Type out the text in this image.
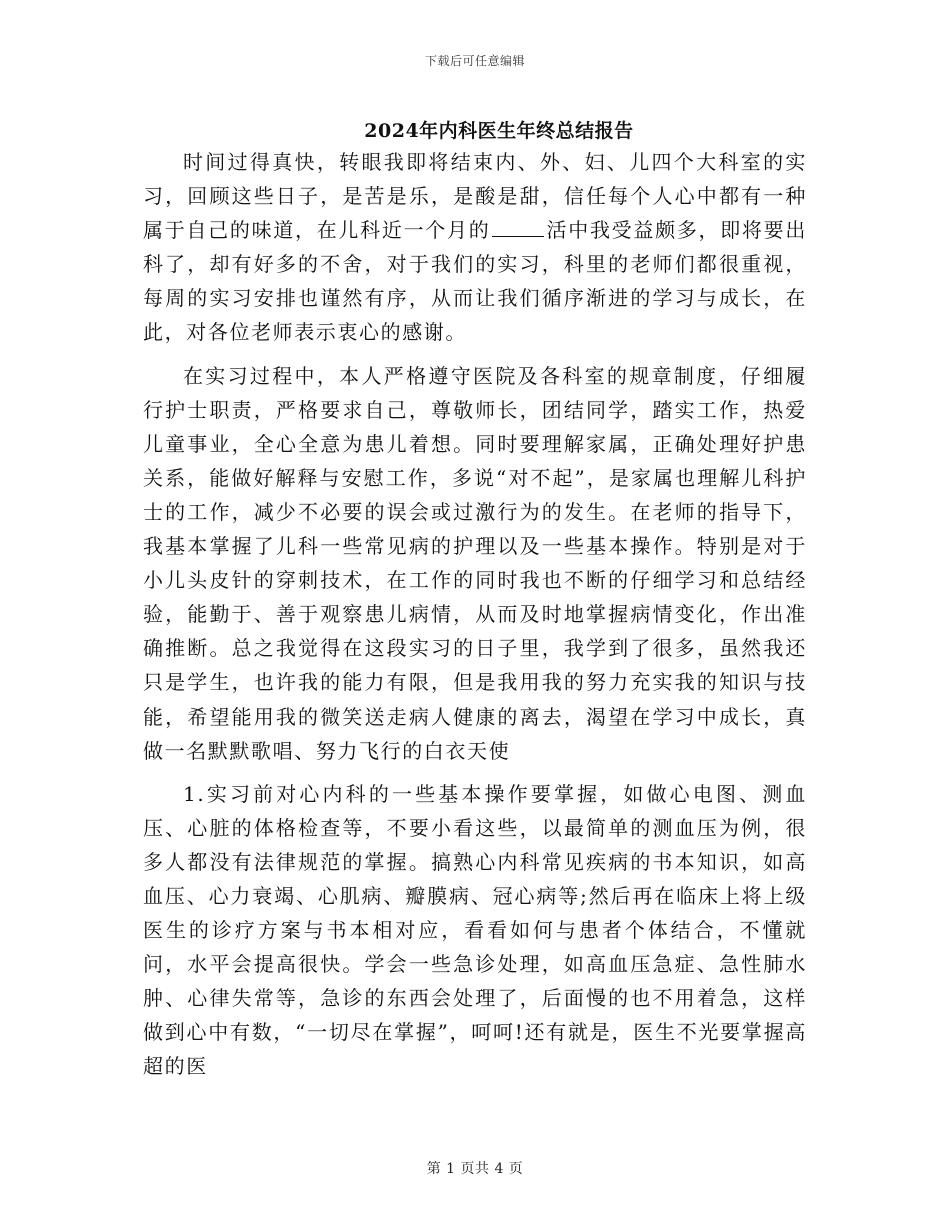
下载后可任意编辑
2024年内科医生年终总结报告

时间过得真快，转眼我即将结束内、外、妇、儿四个大科室的实习，回顾这些日子，是苦是乐，是酸是甜，信任每个人心中都有一种属于自己的味道，在儿科近一个月的	活中我受益颇多，即将要出科了，却有好多的不舍，对于我们的实习，科里的老师们都很重视，每周的实习安排也谨然有序，从而让我们循序渐进的学习与成长，在此，对各位老师表示衷心的感谢。

在实习过程中，本人严格遵守医院及各科室的规章制度，仔细履行护士职责，严格要求自己，尊敬师长，团结同学，踏实工作，热爱儿童事业，全心全意为患儿着想。同时要理解家属，正确处理好护患关系，能做好解释与安慰工作，多说“对不起”，是家属也理解儿科护士的工作，减少不必要的误会或过激行为的发生。在老师的指导下，我基本掌握了儿科一些常见病的护理以及一些基本操作。特别是对于小儿头皮针的穿刺技术，在工作的同时我也不断的仔细学习和总结经验，能勤于、善于观察患儿病情，从而及时地掌握病情变化，作出准确推断。总之我觉得在这段实习的日子里，我学到了很多，虽然我还只是学生，也许我的能力有限，但是我用我的努力充实我的知识与技能，希望能用我的微笑送走病人健康的离去，渴望在学习中成长，真做一名默默歌唱、努力飞行的白衣天使

1.实习前对心内科的一些基本操作要掌握，如做心电图、测血压、心脏的体格检查等，不要小看这些，以最简单的测血压为例，很多人都没有法律规范的掌握。搞熟心内科常见疾病的书本知识，如高血压、心力衰竭、心肌病、瓣膜病、冠心病等;然后再在临床上将上级医生的诊疗方案与书本相对应，看看如何与患者个体结合，不懂就问，水平会提高很快。学会一些急诊处理，如高血压急症、急性肺水肿、心律失常等，急诊的东西会处理了，后面慢的也不用着急，这样做到心中有数，“一切尽在掌握”，呵呵!还有就是，医生不光要掌握高超的医

第 1 页共 4 页
